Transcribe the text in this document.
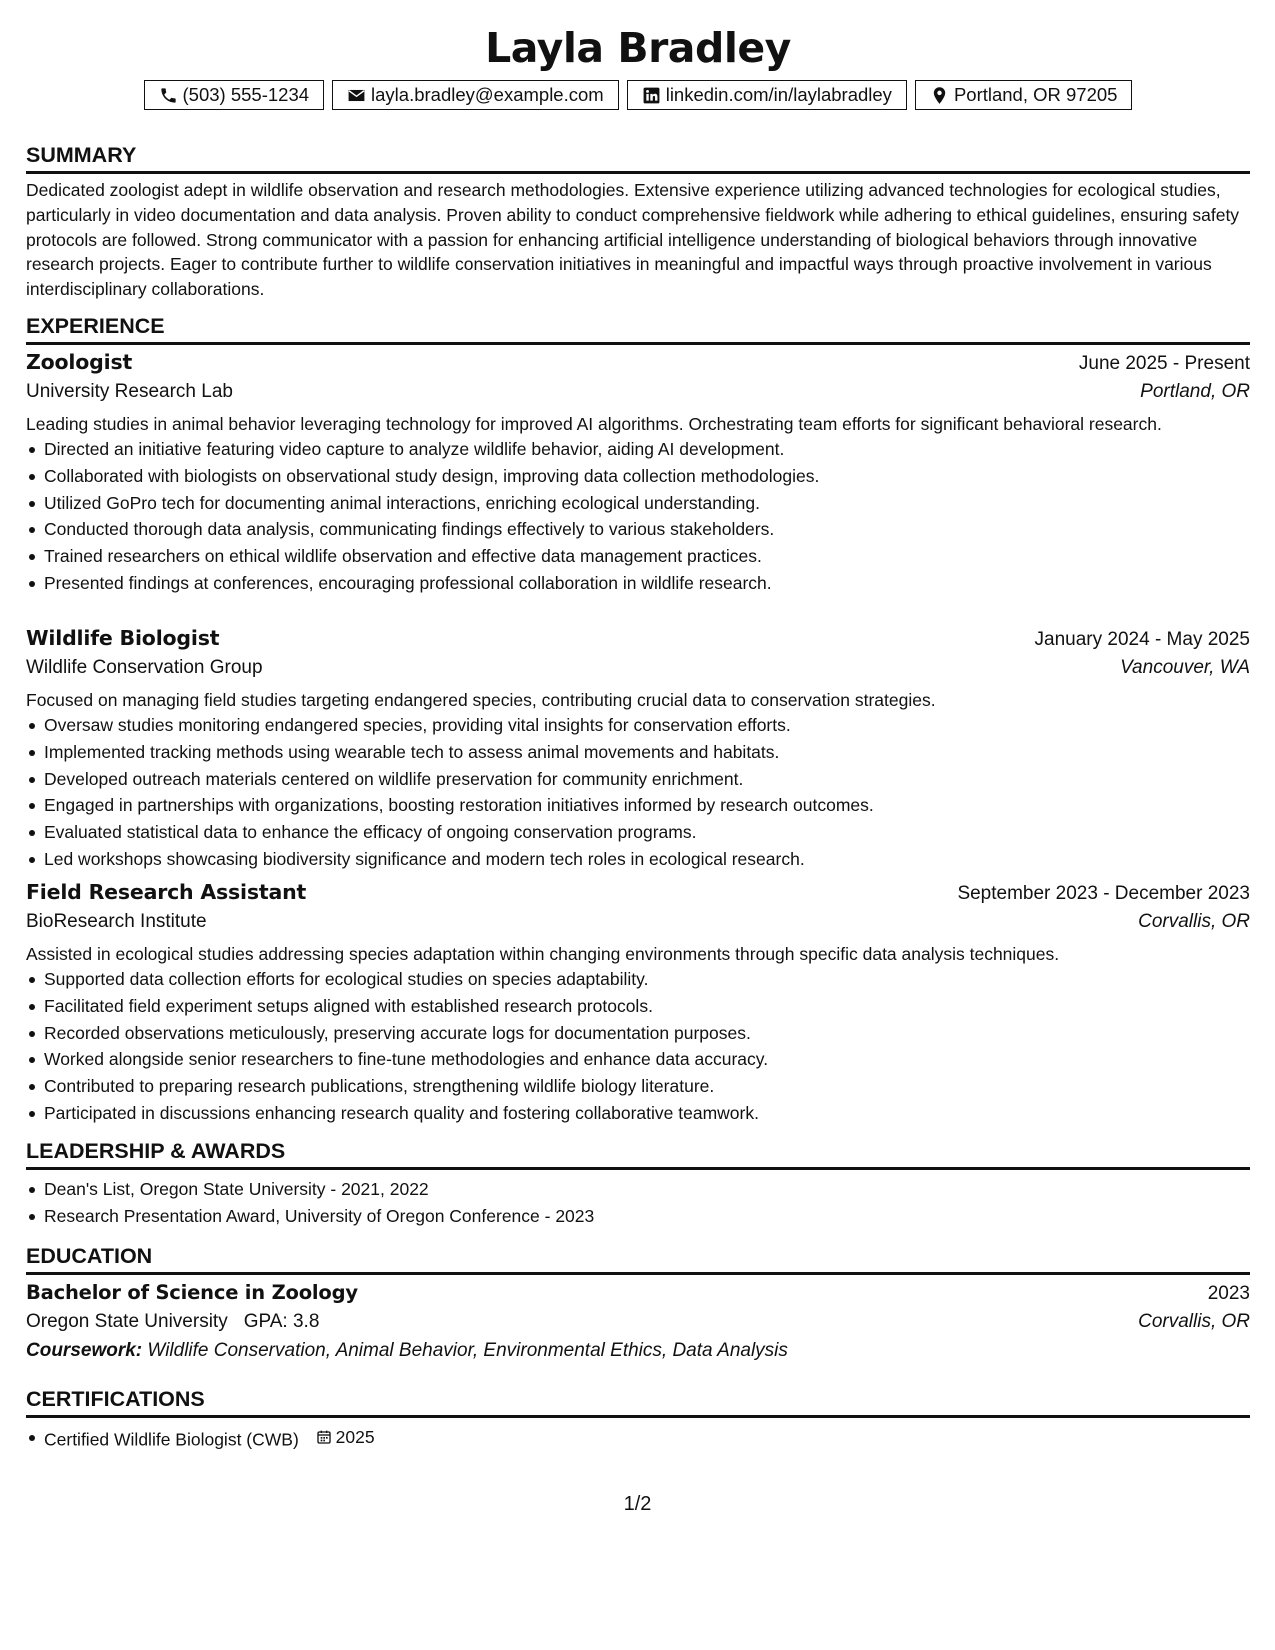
Layla Bradley
(503) 555-1234	layla.bradley@example.com	linkedin.com/in/laylabradley	Portland, OR 97205
SUMMARY

Dedicated zoologist adept in wildlife observation and research methodologies. Extensive experience utilizing advanced technologies for ecological studies, particularly in video documentation and data analysis. Proven ability to conduct comprehensive fieldwork while adhering to ethical guidelines, ensuring safety protocols are followed. Strong communicator with a passion for enhancing artificial intelligence understanding of biological behaviors through innovative research projects. Eager to contribute further to wildlife conservation initiatives in meaningful and impactful ways through proactive involvement in various interdisciplinary collaborations.

EXPERIENCE
Zoologist	June 2025 - Present
University Research Lab	Portland, OR

Leading studies in animal behavior leveraging technology for improved AI algorithms. Orchestrating team efforts for significant behavioral research.

Directed an initiative featuring video capture to analyze wildlife behavior, aiding AI development.
Collaborated with biologists on observational study design, improving data collection methodologies.
Utilized GoPro tech for documenting animal interactions, enriching ecological understanding.
Conducted thorough data analysis, communicating findings effectively to various stakeholders.
Trained researchers on ethical wildlife observation and effective data management practices.
Presented findings at conferences, encouraging professional collaboration in wildlife research.
Wildlife Biologist	January 2024 - May 2025
Wildlife Conservation Group	Vancouver, WA

Focused on managing field studies targeting endangered species, contributing crucial data to conservation strategies.

Oversaw studies monitoring endangered species, providing vital insights for conservation efforts.
Implemented tracking methods using wearable tech to assess animal movements and habitats.
Developed outreach materials centered on wildlife preservation for community enrichment.
Engaged in partnerships with organizations, boosting restoration initiatives informed by research outcomes.
Evaluated statistical data to enhance the efficacy of ongoing conservation programs.
Led workshops showcasing biodiversity significance and modern tech roles in ecological research.
Field Research Assistant	September 2023 - December 2023
BioResearch Institute	Corvallis, OR

Assisted in ecological studies addressing species adaptation within changing environments through specific data analysis techniques.

Supported data collection efforts for ecological studies on species adaptability.
Facilitated field experiment setups aligned with established research protocols.
Recorded observations meticulously, preserving accurate logs for documentation purposes.
Worked alongside senior researchers to fine-tune methodologies and enhance data accuracy.
Contributed to preparing research publications, strengthening wildlife biology literature.
Participated in discussions enhancing research quality and fostering collaborative teamwork.
LEADERSHIP & AWARDS
Dean's List, Oregon State University - 2021, 2022
Research Presentation Award, University of Oregon Conference - 2023
EDUCATION
Bachelor of Science in Zoology	2023
Oregon State University GPA: 3.8	Corvallis, OR
Coursework: Wildlife Conservation, Animal Behavior, Environmental Ethics, Data Analysis
CERTIFICATIONS
Certified Wildlife Biologist (CWB) 2025
1/2
